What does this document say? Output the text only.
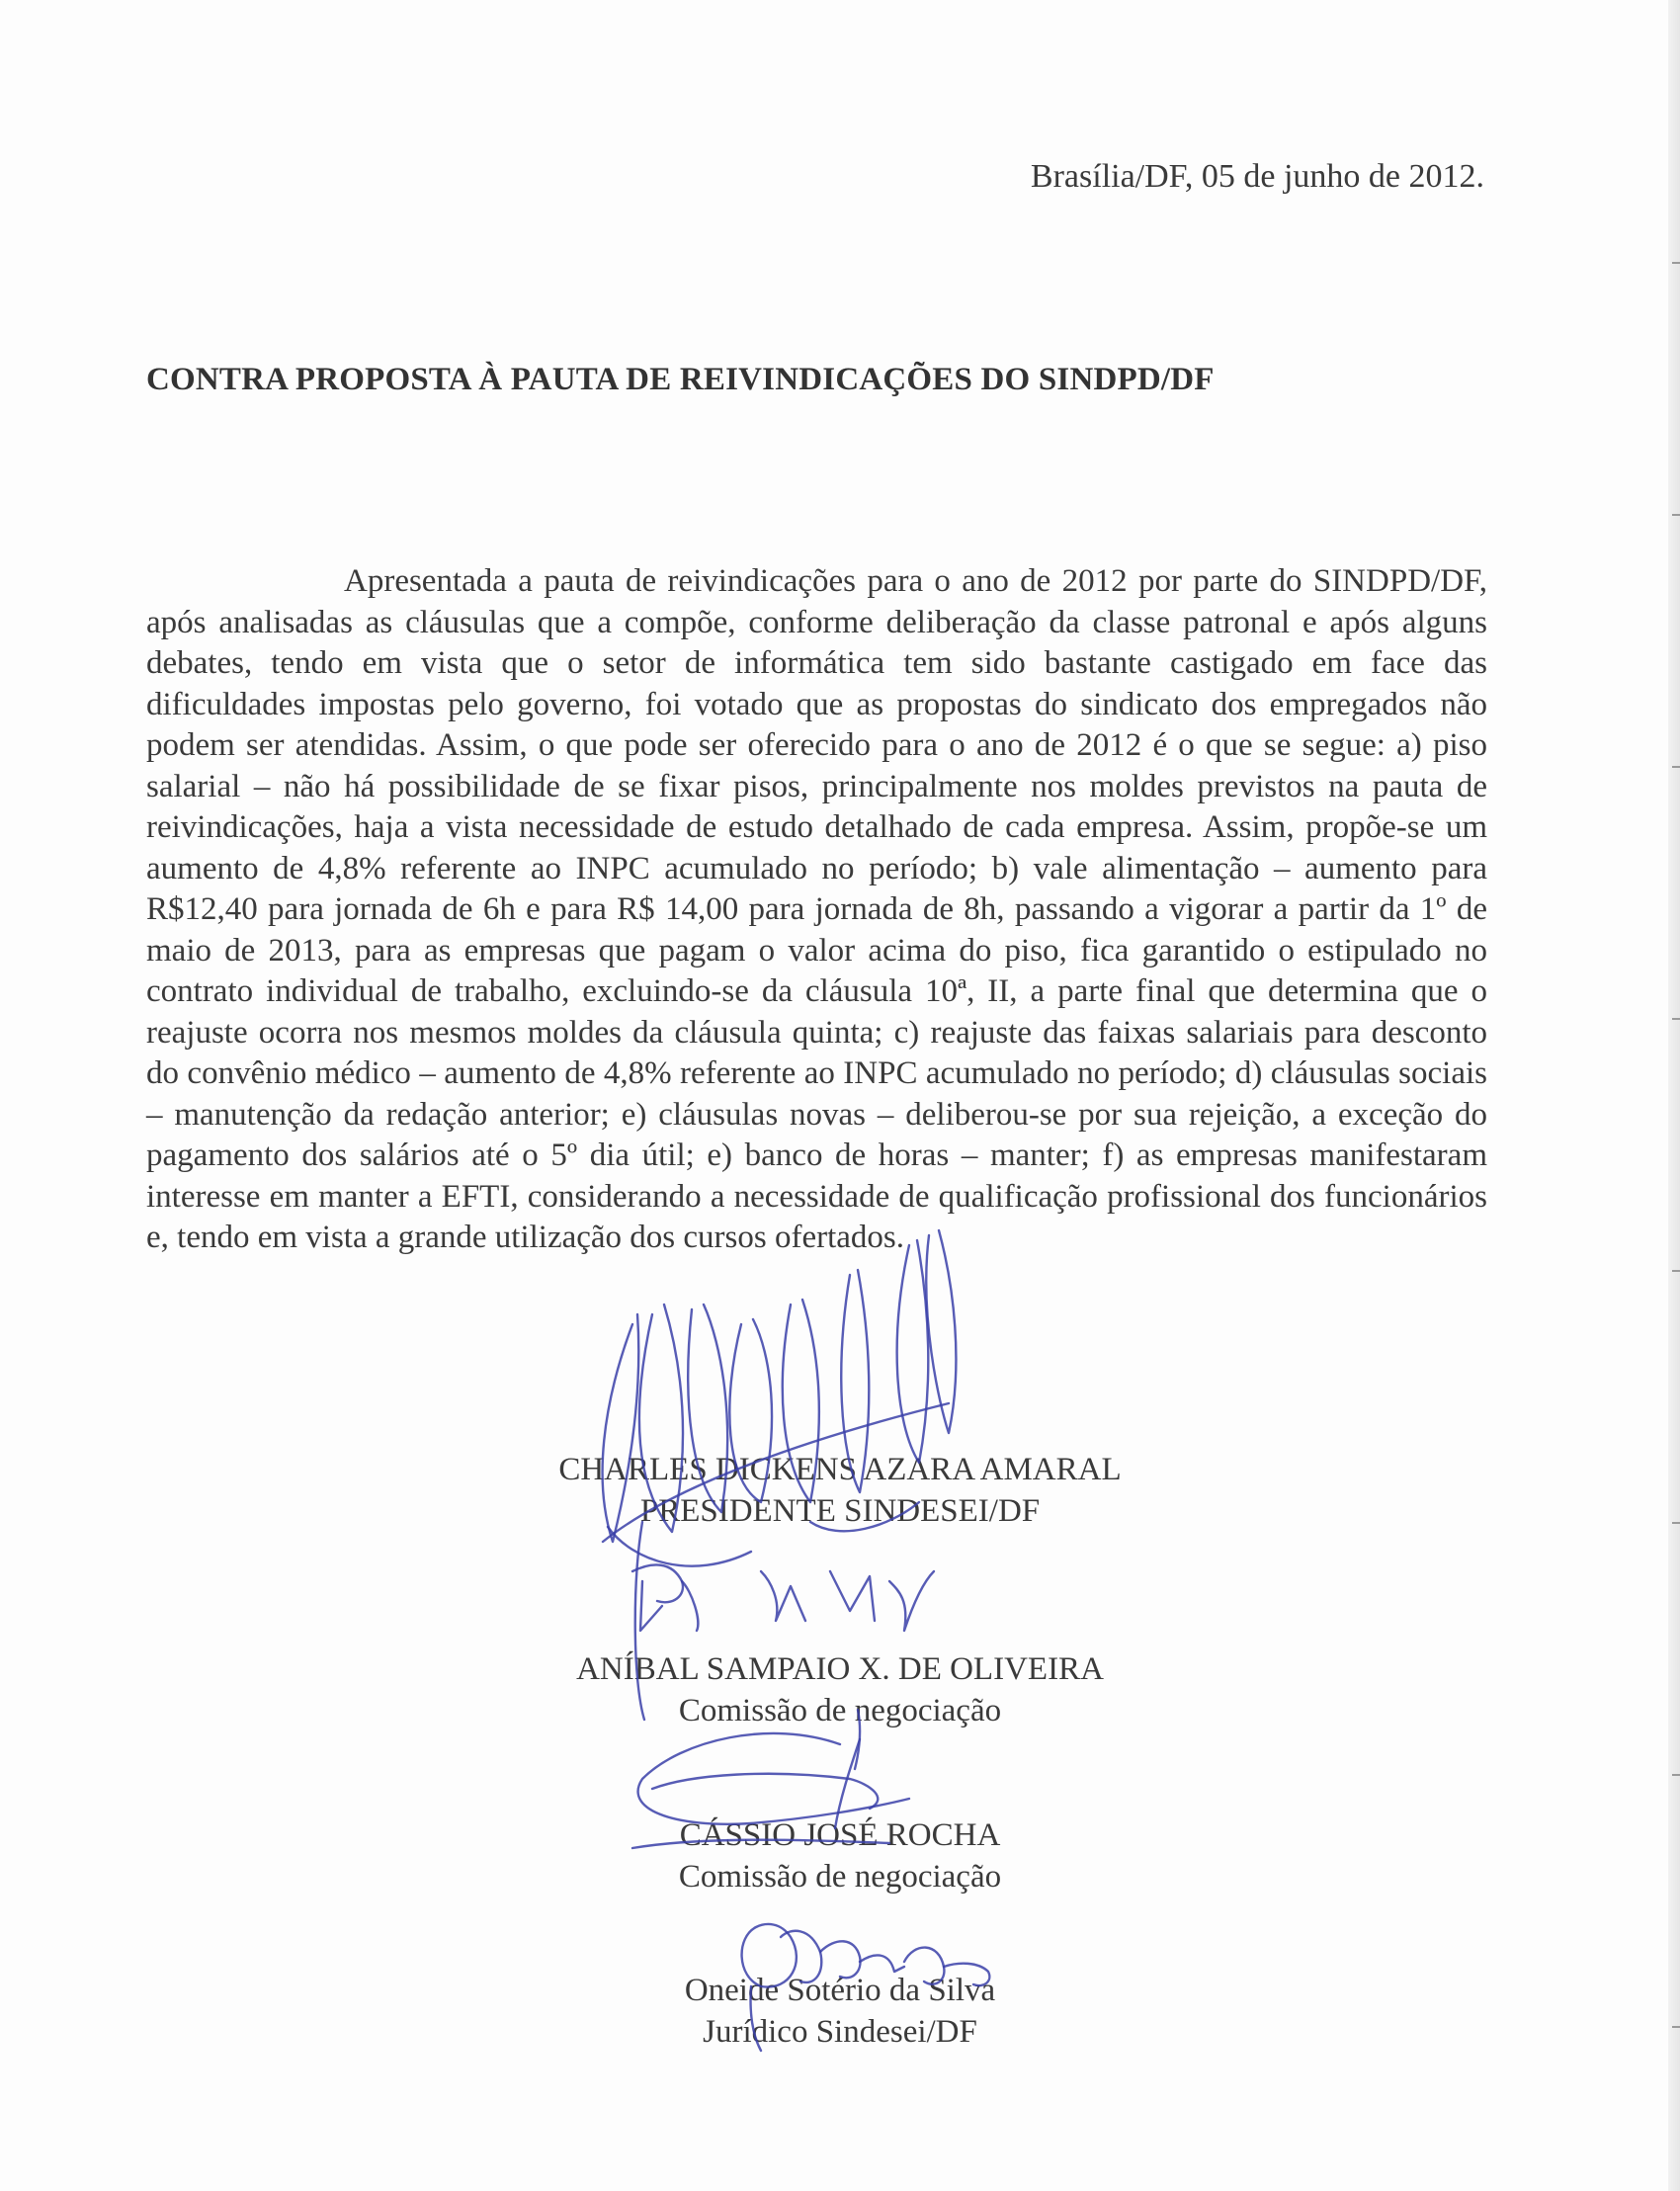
Brasília/DF, 05 de junho de 2012.
CONTRA PROPOSTA À PAUTA DE REIVINDICAÇÕES DO SINDPD/DF

Apresentada a pauta de reivindicações para o ano de 2012 por parte do SINDPD/DF, após analisadas as cláusulas que a compõe, conforme deliberação da classe patronal e após alguns debates, tendo em vista que o setor de informática tem sido bastante castigado em face das dificuldades impostas pelo governo, foi votado que as propostas do sindicato dos empregados não podem ser atendidas. Assim, o que pode ser oferecido para o ano de 2012 é o que se segue: a) piso salarial – não há possibilidade de se fixar pisos, principalmente nos moldes previstos na pauta de reivindicações, haja a vista necessidade de estudo detalhado de cada empresa. Assim, propõe-se um aumento de 4,8% referente ao INPC acumulado no período; b) vale alimentação – aumento para R$12,40 para jornada de 6h e para R$ 14,00 para jornada de 8h, passando a vigorar a partir da 1º de maio de 2013, para as empresas que pagam o valor acima do piso, fica garantido o estipulado no contrato individual de trabalho, excluindo-se da cláusula 10ª, II, a parte final que determina que o reajuste ocorra nos mesmos moldes da cláusula quinta; c) reajuste das faixas salariais para desconto do convênio médico – aumento de 4,8% referente ao INPC acumulado no período; d) cláusulas sociais – manutenção da redação anterior; e) cláusulas novas – deliberou-se por sua rejeição, a exceção do pagamento dos salários até o 5º dia útil; e) banco de horas – manter; f) as empresas manifestaram interesse em manter a EFTI, considerando a necessidade de qualificação profissional dos funcionários e, tendo em vista a grande utilização dos cursos ofertados.

CHARLES DICKENS AZARA AMARAL
PRESIDENTE SINDESEI/DF
ANÍBAL SAMPAIO X. DE OLIVEIRA
Comissão de negociação
CÁSSIO JOSÉ ROCHA
Comissão de negociação
Oneide Sotério da Silva
Jurídico Sindesei/DF
